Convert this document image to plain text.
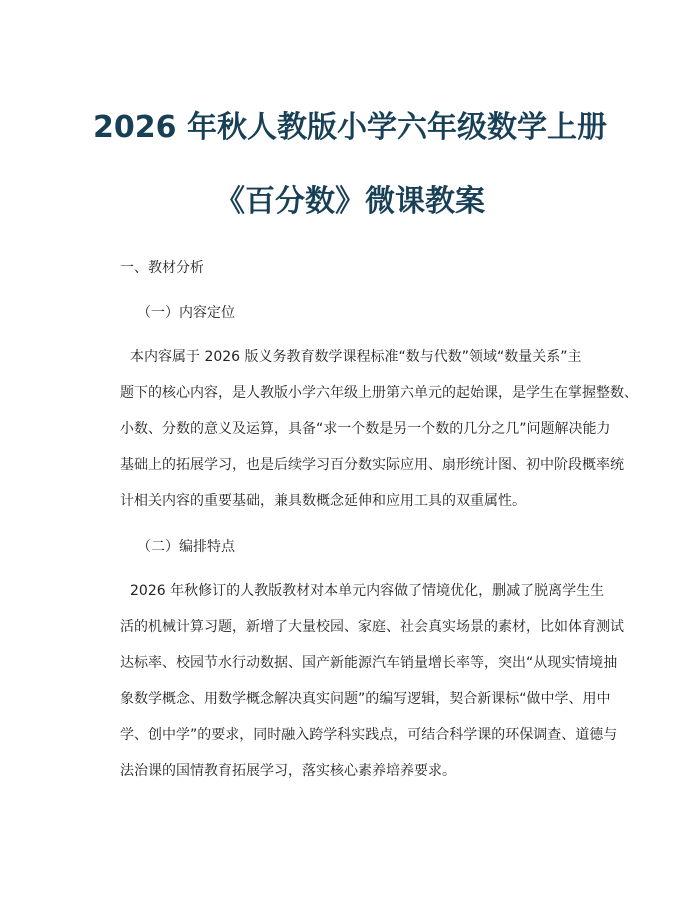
2026 年秋人教版小学六年级数学上册
《百分数》微课教案
一、教材分析
（一）内容定位
本内容属于 2026 版义务教育数学课程标准“数与代数”领域“数量关系”主
题下的核心内容，是人教版小学六年级上册第六单元的起始课，是学生在掌握整数、
小数、分数的意义及运算，具备“求一个数是另一个数的几分之几”问题解决能力
基础上的拓展学习，也是后续学习百分数实际应用、扇形统计图、初中阶段概率统
计相关内容的重要基础，兼具数概念延伸和应用工具的双重属性。
（二）编排特点
2026 年秋修订的人教版教材对本单元内容做了情境优化，删减了脱离学生生
活的机械计算习题，新增了大量校园、家庭、社会真实场景的素材，比如体育测试
达标率、校园节水行动数据、国产新能源汽车销量增长率等，突出“从现实情境抽
象数学概念、用数学概念解决真实问题”的编写逻辑，契合新课标“做中学、用中
学、创中学”的要求，同时融入跨学科实践点，可结合科学课的环保调查、道德与
法治课的国情教育拓展学习，落实核心素养培养要求。
